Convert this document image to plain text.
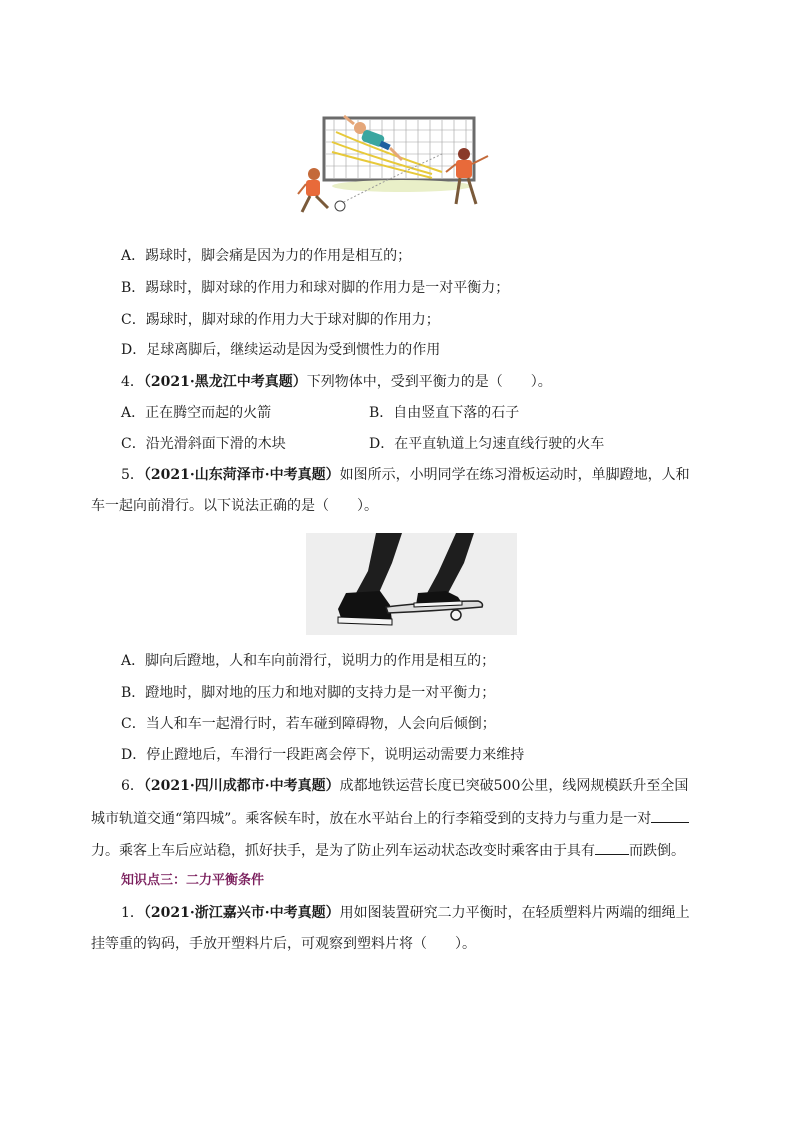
A．踢球时，脚会痛是因为力的作用是相互的；
B．踢球时，脚对球的作用力和球对脚的作用力是一对平衡力；
C．踢球时，脚对球的作用力大于球对脚的作用力；
D．足球离脚后，继续运动是因为受到惯性力的作用
4．（2021·黑龙江中考真题）下列物体中，受到平衡力的是（　　）。
A．正在腾空而起的火箭	B．自由竖直下落的石子
C．沿光滑斜面下滑的木块	D．在平直轨道上匀速直线行驶的火车
5．（2021·山东菏泽市·中考真题）如图所示，小明同学在练习滑板运动时，单脚蹬地，人和
车一起向前滑行。以下说法正确的是（　　）。
A．脚向后蹬地，人和车向前滑行，说明力的作用是相互的；
B．蹬地时，脚对地的压力和地对脚的支持力是一对平衡力；
C．当人和车一起滑行时，若车碰到障碍物，人会向后倾倒；
D．停止蹬地后，车滑行一段距离会停下，说明运动需要力来维持
6．（2021·四川成都市·中考真题）成都地铁运营长度已突破500公里，线网规模跃升至全国
城市轨道交通“第四城”。乘客候车时，放在水平站台上的行李箱受到的支持力与重力是一对
力。乘客上车后应站稳，抓好扶手，是为了防止列车运动状态改变时乘客由于具有 而跌倒。
知识点三：二力平衡条件
1．（2021·浙江嘉兴市·中考真题）用如图装置研究二力平衡时，在轻质塑料片两端的细绳上
挂等重的钩码，手放开塑料片后，可观察到塑料片将（　　）。
